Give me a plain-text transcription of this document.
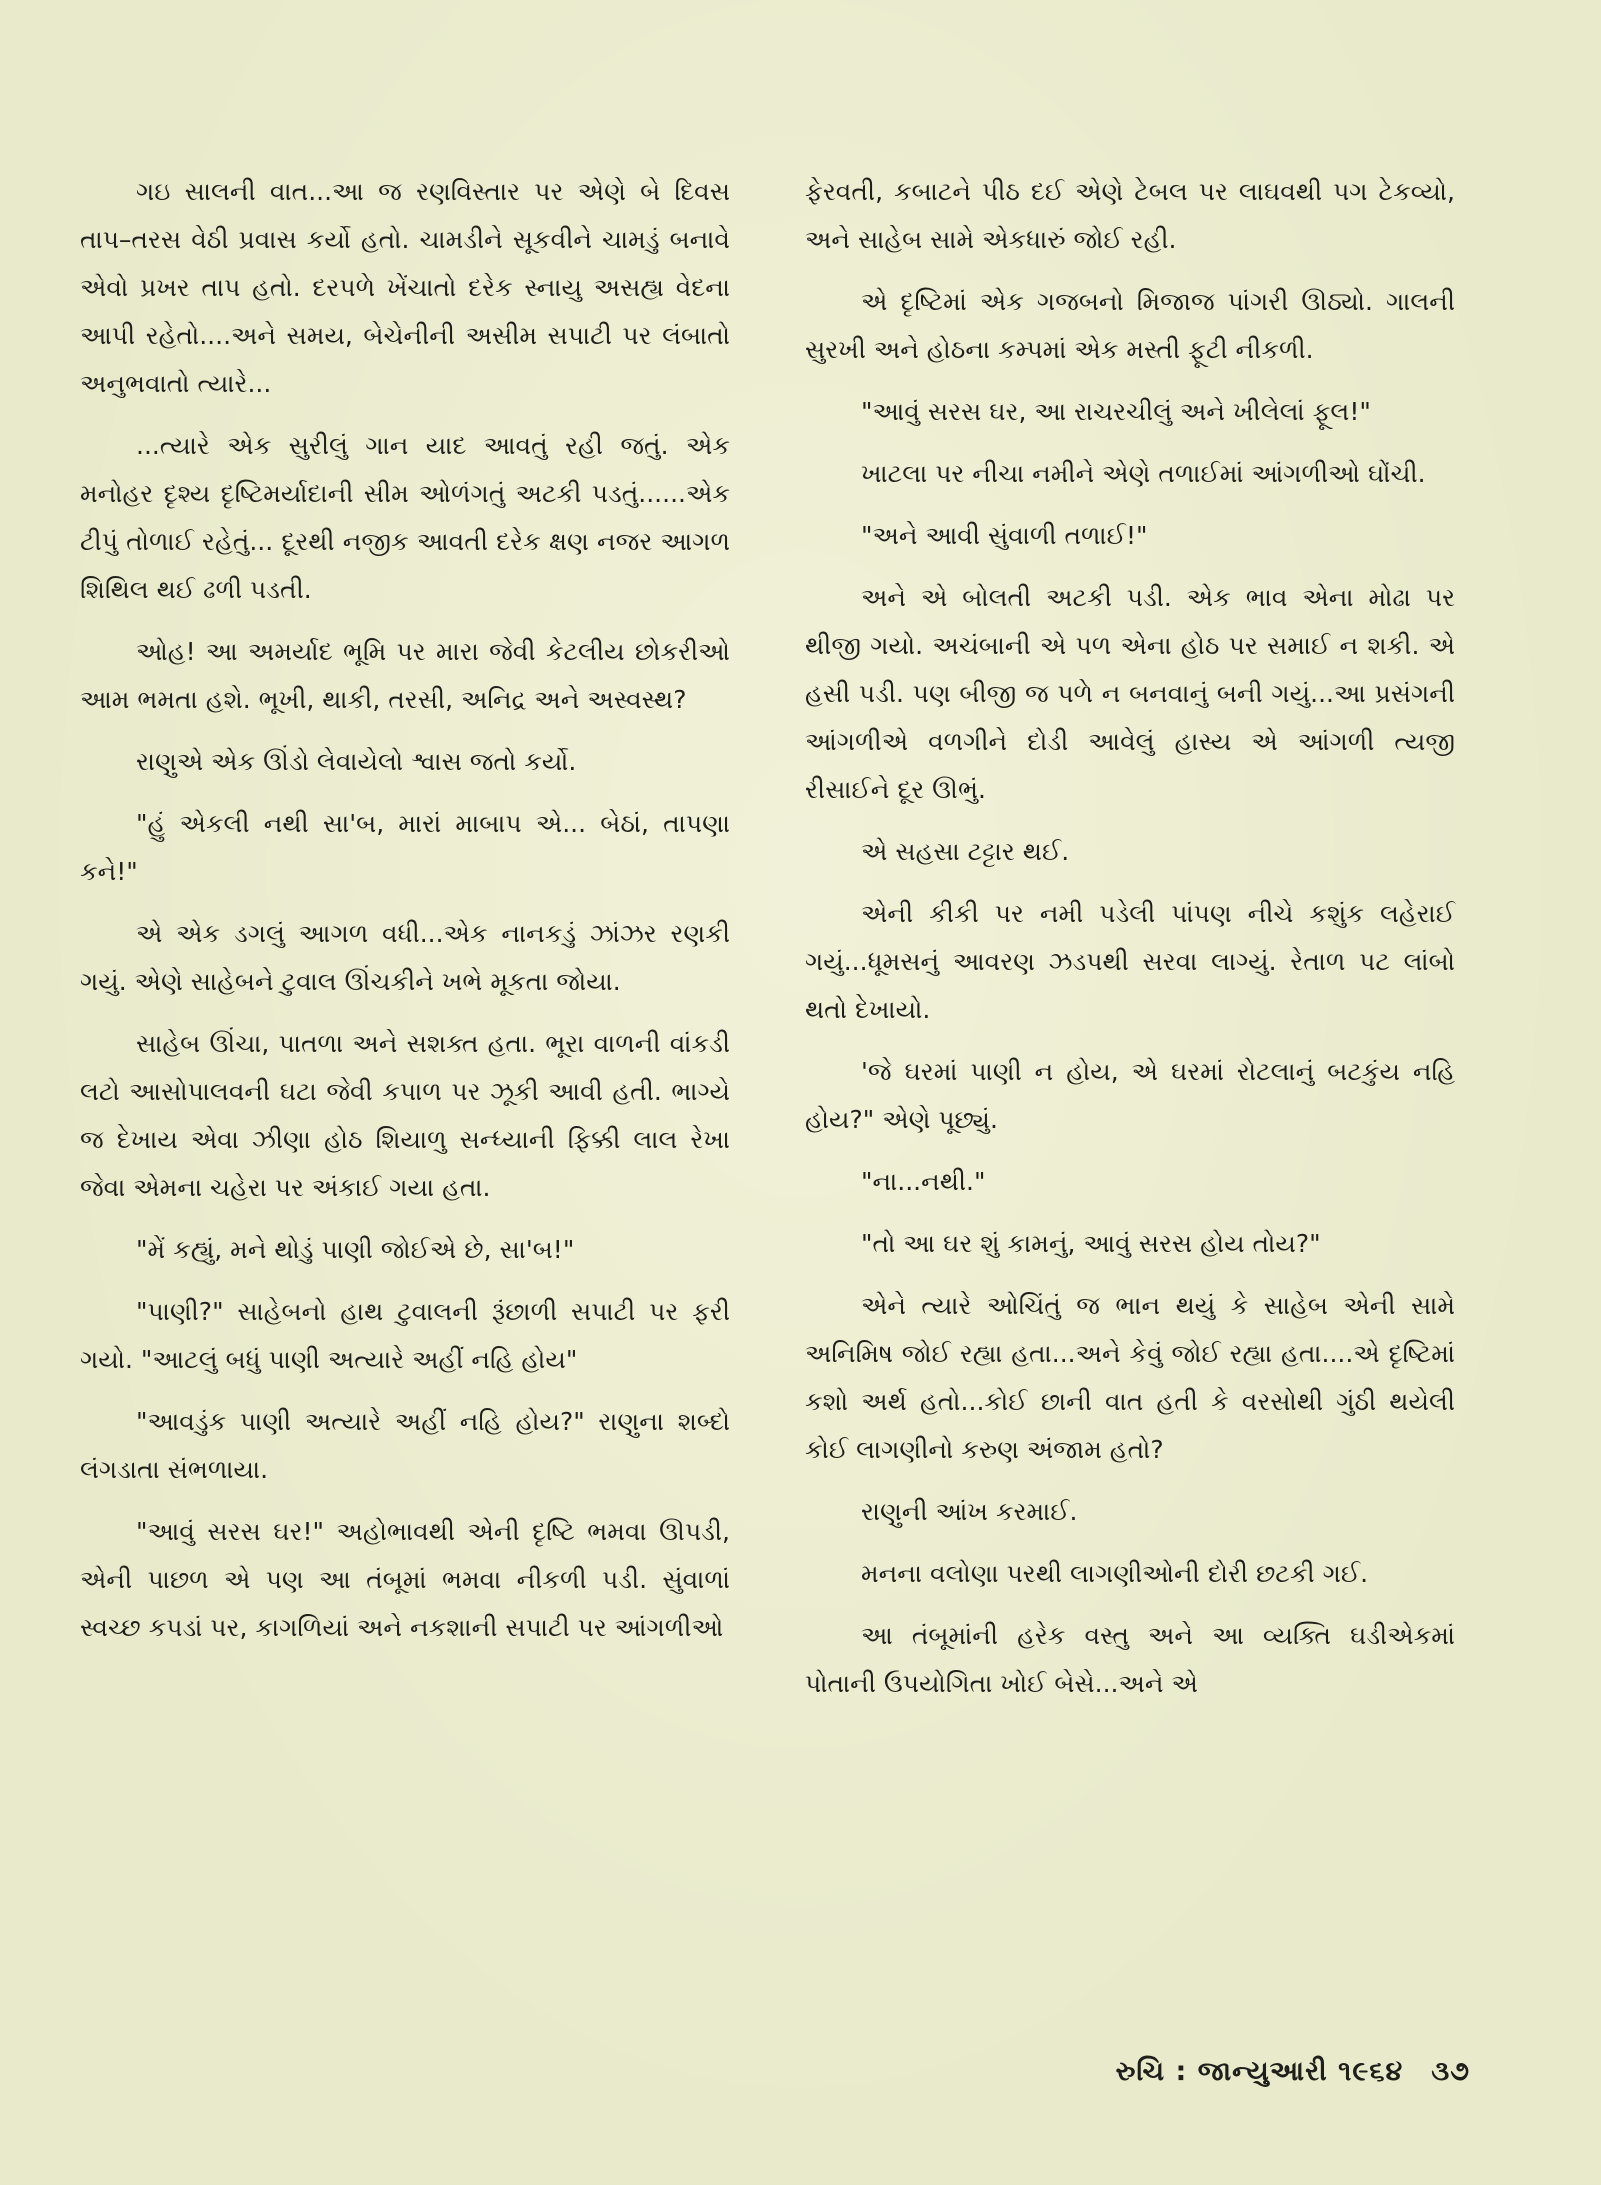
ગઇ સાલની વાત...આ જ રણવિસ્તાર પર એણે બે દિવસ તાપ–તરસ વેઠી પ્રવાસ કર્યો હતો. ચામડીને સૂકવીને ચામડું બનાવે એવો પ્રખર તાપ હતો. દરપળે ખેંચાતો દરેક સ્નાયુ અસહ્ય વેદના આપી રહેતો....અને સમય, બેચેનીની અસીમ સપાટી પર લંબાતો અનુભવાતો ત્યારે...

...ત્યારે એક સુરીલું ગાન યાદ આવતું રહી જતું. એક મનોહર દૃશ્ય દૃષ્ટિમર્યાદાની સીમ ઓળંગતું અટકી પડતું......એક ટીપું તોળાઈ રહેતું... દૂરથી નજીક આવતી દરેક ક્ષણ નજર આગળ શિથિલ થઈ ઢળી પડતી.

ઓહ! આ અમર્યાદ ભૂમિ પર મારા જેવી કેટલીય છોકરીઓ આમ ભમતા હશે. ભૂખી, થાકી, તરસી, અનિદ્ર અને અસ્વસ્થ?

રાણુએ એક ઊંડો લેવાયેલો શ્વાસ જતો કર્યો.

"હું એકલી નથી સા'બ, મારાં માબાપ એ... બેઠાં, તાપણા કને!"

એ એક ડગલું આગળ વધી...એક નાનકડું ઝાંઝર રણકી ગયું. એણે સાહેબને ટુવાલ ઊંચકીને ખભે મૂકતા જોયા.

સાહેબ ઊંચા, પાતળા અને સશક્ત હતા. ભૂરા વાળની વાંકડી લટો આસોપાલવની ઘટા જેવી કપાળ પર ઝૂકી આવી હતી. ભાગ્યે જ દેખાય એવા ઝીણા હોઠ શિયાળુ સન્ધ્યાની ફિક્કી લાલ રેખા જેવા એમના ચહેરા પર અંકાઈ ગયા હતા.

"મેં કહ્યું, મને થોડું પાણી જોઈએ છે, સા'બ!"

"પાણી?" સાહેબનો હાથ ટુવાલની રૂંછાળી સપાટી પર ફરી ગયો. "આટલું બધું પાણી અત્યારે અહીં નહિ હોય"

"આવડુંક પાણી અત્યારે અહીં નહિ હોય?" રાણુના શબ્દો લંગડાતા સંભળાયા.

"આવું સરસ ઘર!" અહોભાવથી એની દૃષ્ટિ ભમવા ઊપડી, એની પાછળ એ પણ આ તંબૂમાં ભમવા નીકળી પડી. સુંવાળાં સ્વચ્છ કપડાં પર, કાગળિયાં અને નકશાની સપાટી પર આંગળીઓ

ફેરવતી, કબાટને પીઠ દઈ એણે ટેબલ પર લાઘવથી પગ ટેકવ્યો, અને સાહેબ સામે એકધારું જોઈ રહી.

એ દૃષ્ટિમાં એક ગજબનો મિજાજ પાંગરી ઊઠ્યો. ગાલની સુરખી અને હોઠના કમ્પમાં એક મસ્તી ફૂટી નીકળી.

"આવું સરસ ઘર, આ રાચરચીલું અને ખીલેલાં ફૂલ!"

ખાટલા પર નીચા નમીને એણે તળાઈમાં આંગળીઓ ઘોંચી.

"અને આવી સુંવાળી તળાઈ!"

અને એ બોલતી અટકી પડી. એક ભાવ એના મોઢા પર થીજી ગયો. અચંબાની એ પળ એના હોઠ પર સમાઈ ન શકી. એ હસી પડી. પણ બીજી જ પળે ન બનવાનું બની ગયું...આ પ્રસંગની આંગળીએ વળગીને દોડી આવેલું હાસ્ય એ આંગળી ત્યજી રીસાઈને દૂર ઊભું.

એ સહસા ટટ્ટાર થઈ.

એની કીકી પર નમી પડેલી પાંપણ નીચે કશુંક લહેરાઈ ગયું...ધૂમસનું આવરણ ઝડપથી સરવા લાગ્યું. રેતાળ પટ લાંબો થતો દેખાયો.

'જે ઘરમાં પાણી ન હોય, એ ઘરમાં રોટલાનું બટકુંય નહિ હોય?" એણે પૂછ્યું.

"ના...નથી."

"તો આ ઘર શું કામનું, આવું સરસ હોય તોય?"

એને ત્યારે ઓચિંતું જ ભાન થયું કે સાહેબ એની સામે અનિમિષ જોઈ રહ્યા હતા...અને કેવું જોઈ રહ્યા હતા....એ દૃષ્ટિમાં કશો અર્થ હતો...કોઈ છાની વાત હતી કે વરસોથી ગુંઠી થયેલી કોઈ લાગણીનો કરુણ અંજામ હતો?

રાણુની આંખ કરમાઈ.

મનના વલોણા પરથી લાગણીઓની દોરી છટકી ગઈ.

આ તંબૂમાંની હરેક વસ્તુ અને આ વ્યક્તિ ઘડીએકમાં પોતાની ઉપયોગિતા ખોઈ બેસે...અને એ

રુચિ : જાન્યુઆરી ૧૯૬૪ ૩૭
